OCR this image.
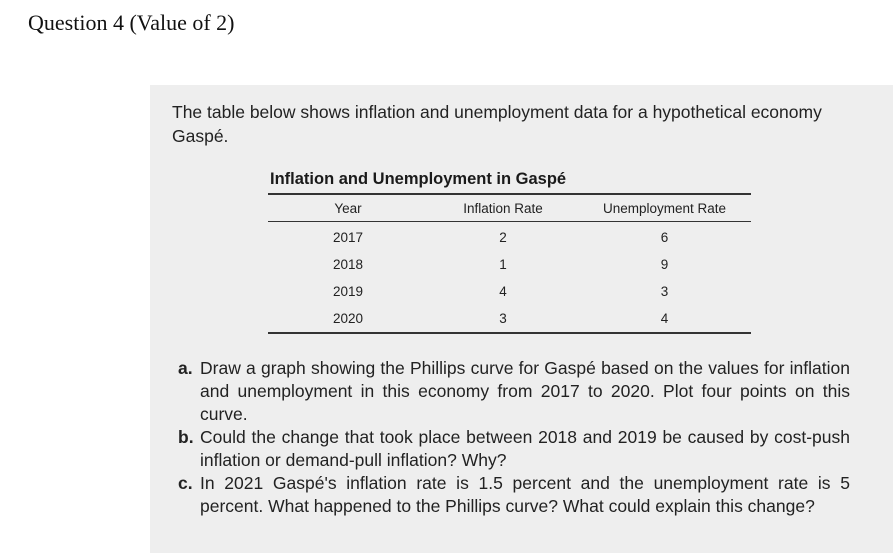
Question 4 (Value of 2)
The table below shows inflation and unemployment data for a hypothetical economy Gaspé.
Inflation and Unemployment in Gaspé
Year	Inflation Rate	Unemployment Rate
2017	2	6
2018	1	9
2019	4	3
2020	3	4
a. Draw a graph showing the Phillips curve for Gaspé based on the values for inflation and unemployment in this economy from 2017 to 2020. Plot four points on this curve.
b. Could the change that took place between 2018 and 2019 be caused by cost-push inflation or demand-pull inflation? Why?
c. In 2021 Gaspé's inflation rate is 1.5 percent and the unemployment rate is 5 percent. What happened to the Phillips curve? What could explain this change?
